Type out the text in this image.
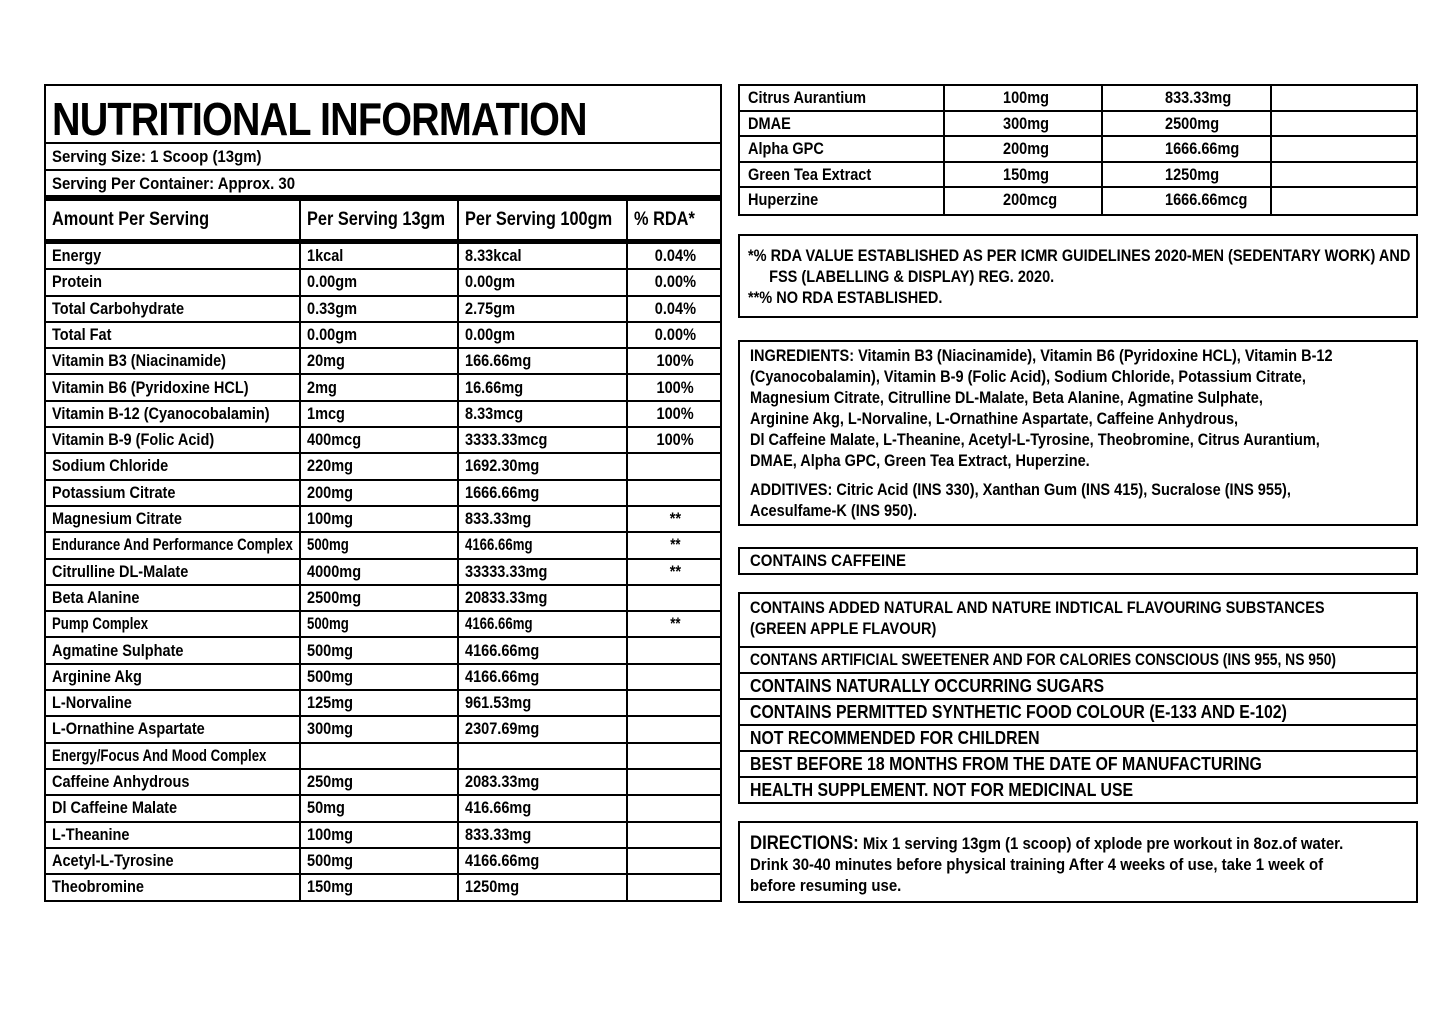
NUTRITIONAL INFORMATION
Serving Size: 1 Scoop (13gm)
Serving Per Container: Approx. 30
Amount Per Serving	Per Serving 13gm	Per Serving 100gm	% RDA*
Energy	1kcal	8.33kcal	0.04%
Protein	0.00gm	0.00gm	0.00%
Total Carbohydrate	0.33gm	2.75gm	0.04%
Total Fat	0.00gm	0.00gm	0.00%
Vitamin B3 (Niacinamide)	20mg	166.66mg	100%
Vitamin B6 (Pyridoxine HCL)	2mg	16.66mg	100%
Vitamin B-12 (Cyanocobalamin)	1mcg	8.33mcg	100%
Vitamin B-9 (Folic Acid)	400mcg	3333.33mcg	100%
Sodium Chloride	220mg	1692.30mg
Potassium Citrate	200mg	1666.66mg
Magnesium Citrate	100mg	833.33mg	**
Endurance And Performance Complex 500mg	4166.66mg	**
Citrulline DL-Malate	4000mg	33333.33mg	**
Beta Alanine	2500mg	20833.33mg
Pump Complex	500mg	4166.66mg	**
Agmatine Sulphate	500mg	4166.66mg
Arginine Akg	500mg	4166.66mg
L-Norvaline	125mg	961.53mg
L-Ornathine Aspartate	300mg	2307.69mg
Energy/Focus And Mood Complex
Caffeine Anhydrous	250mg	2083.33mg
Dl Caffeine Malate	50mg	416.66mg
L-Theanine	100mg	833.33mg
Acetyl-L-Tyrosine	500mg	4166.66mg
Theobromine	150mg	1250mg
Citrus Aurantium	100mg	833.33mg
DMAE	300mg	2500mg
Alpha GPC	200mg	1666.66mg
Green Tea Extract	150mg	1250mg
Huperzine	200mcg	1666.66mcg
*% RDA VALUE ESTABLISHED AS PER ICMR GUIDELINES 2020-MEN (SEDENTARY WORK) AND
FSS (LABELLING & DISPLAY) REG. 2020.
**% NO RDA ESTABLISHED.
INGREDIENTS: Vitamin B3 (Niacinamide), Vitamin B6 (Pyridoxine HCL), Vitamin B-12
(Cyanocobalamin), Vitamin B-9 (Folic Acid), Sodium Chloride, Potassium Citrate,
Magnesium Citrate, Citrulline DL-Malate, Beta Alanine, Agmatine Sulphate,
Arginine Akg, L-Norvaline, L-Ornathine Aspartate, Caffeine Anhydrous,
Dl Caffeine Malate, L-Theanine, Acetyl-L-Tyrosine, Theobromine, Citrus Aurantium,
DMAE, Alpha GPC, Green Tea Extract, Huperzine.
ADDITIVES: Citric Acid (INS 330), Xanthan Gum (INS 415), Sucralose (INS 955),
Acesulfame-K (INS 950).
CONTAINS CAFFEINE
CONTAINS ADDED NATURAL AND NATURE INDTICAL FLAVOURING SUBSTANCES
(GREEN APPLE FLAVOUR)
CONTANS ARTIFICIAL SWEETENER AND FOR CALORIES CONSCIOUS (INS 955, NS 950)
CONTAINS NATURALLY OCCURRING SUGARS
CONTAINS PERMITTED SYNTHETIC FOOD COLOUR (E-133 AND E-102)
NOT RECOMMENDED FOR CHILDREN
BEST BEFORE 18 MONTHS FROM THE DATE OF MANUFACTURING
HEALTH SUPPLEMENT. NOT FOR MEDICINAL USE
DIRECTIONS: Mix 1 serving 13gm (1 scoop) of xplode pre workout in 8oz.of water.
Drink 30-40 minutes before physical training After 4 weeks of use, take 1 week of
before resuming use.
